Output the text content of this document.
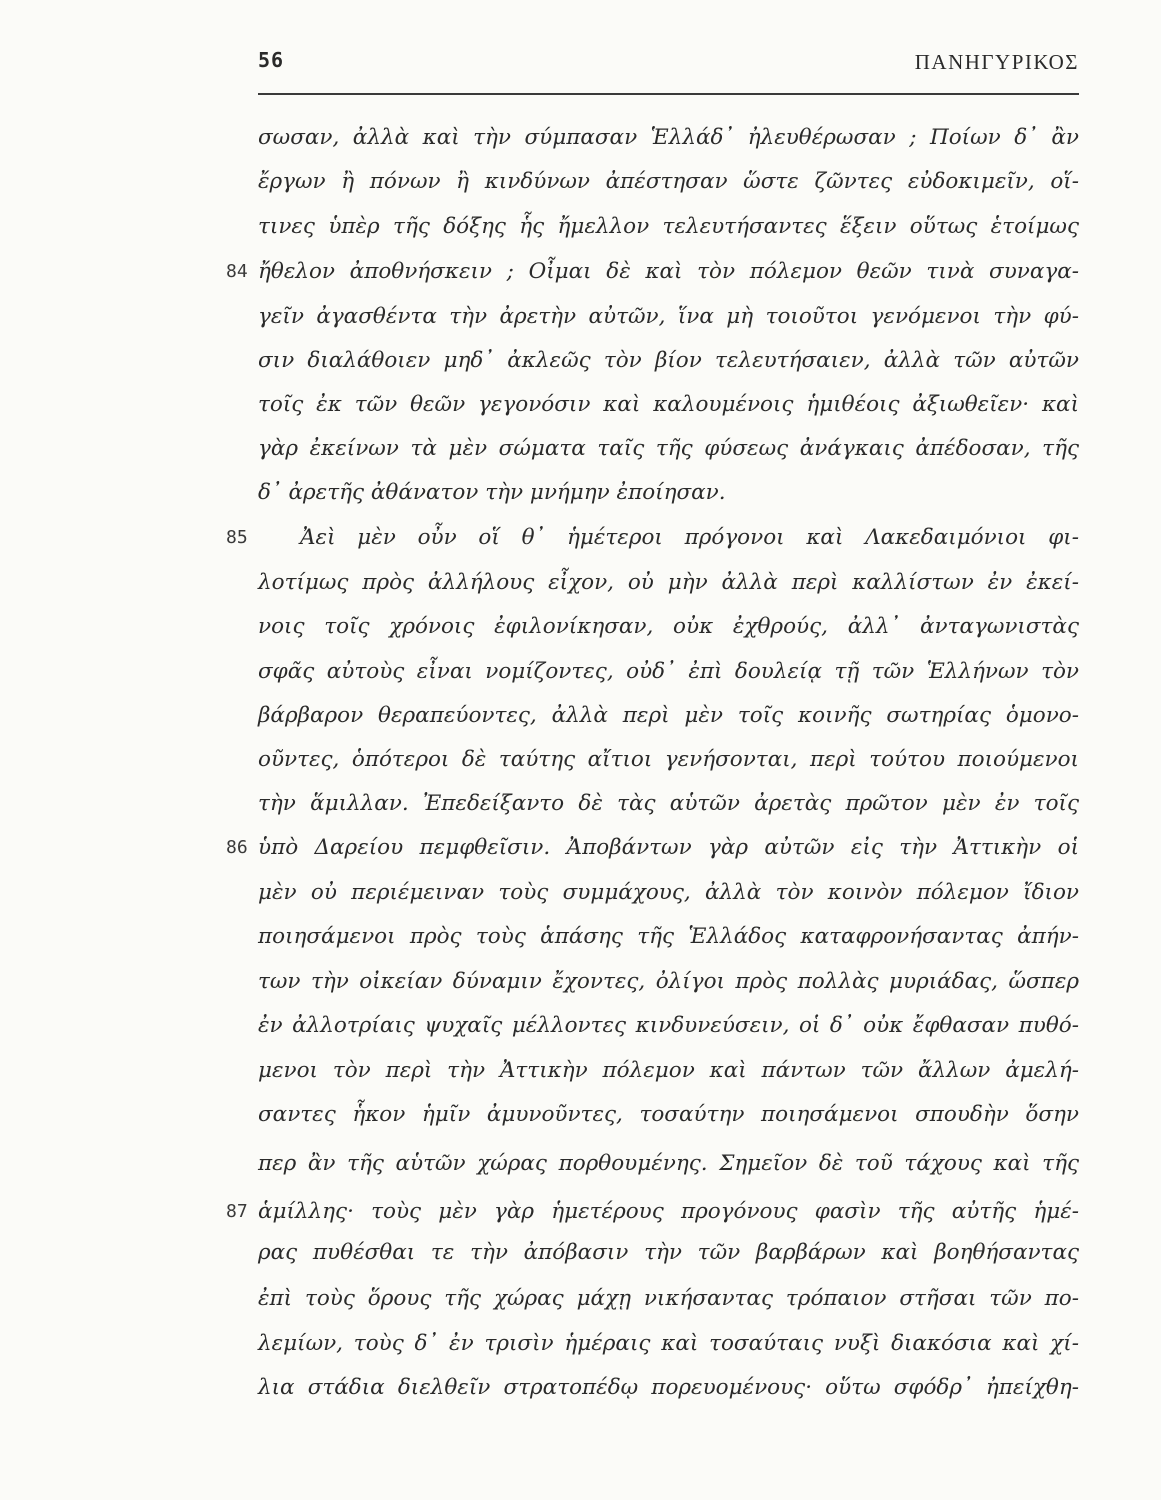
56	ΠΑΝΗΓΥΡΙΚΟΣ
84
85
86
87
σωσαν, ἀλλὰ καὶ τὴν σύμπασαν Ἑλλάδ᾽ ἠλευθέρωσαν ; Ποίων δ᾽ ἂν
ἔργων ἢ πόνων ἢ κινδύνων ἀπέστησαν ὥστε ζῶντες εὐδοκιμεῖν, οἵ-
τινες ὑπὲρ τῆς δόξης ἧς ἤμελλον τελευτήσαντες ἕξειν οὕτως ἑτοίμως
ἤθελον ἀποθνήσκειν ; Οἶμαι δὲ καὶ τὸν πόλεμον θεῶν τινὰ συναγα-
γεῖν ἀγασθέντα τὴν ἀρετὴν αὐτῶν, ἵνα μὴ τοιοῦτοι γενόμενοι τὴν φύ-
σιν διαλάθοιεν μηδ᾽ ἀκλεῶς τὸν βίον τελευτήσαιεν, ἀλλὰ τῶν αὐτῶν
τοῖς ἐκ τῶν θεῶν γεγονόσιν καὶ καλουμένοις ἡμιθέοις ἀξιωθεῖεν· καὶ
γὰρ ἐκείνων τὰ μὲν σώματα ταῖς τῆς φύσεως ἀνάγκαις ἀπέδοσαν, τῆς
δ᾽ ἀρετῆς ἀθάνατον τὴν μνήμην ἐποίησαν.
Ἀεὶ μὲν οὖν οἵ θ᾽ ἡμέτεροι πρόγονοι καὶ Λακεδαιμόνιοι φι-
λοτίμως πρὸς ἀλλήλους εἶχον, οὐ μὴν ἀλλὰ περὶ καλλίστων ἐν ἐκεί-
νοις τοῖς χρόνοις ἐφιλονίκησαν, οὐκ ἐχθρούς, ἀλλ᾽ ἀνταγωνιστὰς
σφᾶς αὐτοὺς εἶναι νομίζοντες, οὐδ᾽ ἐπὶ δουλείᾳ τῇ τῶν Ἑλλήνων τὸν
βάρβαρον θεραπεύοντες, ἀλλὰ περὶ μὲν τοῖς κοινῆς σωτηρίας ὁμονο-
οῦντες, ὁπότεροι δὲ ταύτης αἴτιοι γενήσονται, περὶ τούτου ποιούμενοι
τὴν ἅμιλλαν. Ἐπεδείξαντο δὲ τὰς αὑτῶν ἀρετὰς πρῶτον μὲν ἐν τοῖς
ὑπὸ Δαρείου πεμφθεῖσιν. Ἀποβάντων γὰρ αὐτῶν εἰς τὴν Ἀττικὴν οἱ
μὲν οὐ περιέμειναν τοὺς συμμάχους, ἀλλὰ τὸν κοινὸν πόλεμον ἴδιον
ποιησάμενοι πρὸς τοὺς ἁπάσης τῆς Ἑλλάδος καταφρονήσαντας ἀπήν-
των τὴν οἰκείαν δύναμιν ἔχοντες, ὀλίγοι πρὸς πολλὰς μυριάδας, ὥσπερ
ἐν ἀλλοτρίαις ψυχαῖς μέλλοντες κινδυνεύσειν, οἱ δ᾽ οὐκ ἔφθασαν πυθό-
μενοι τὸν περὶ τὴν Ἀττικὴν πόλεμον καὶ πάντων τῶν ἄλλων ἀμελή-
σαντες ἧκον ἡμῖν ἀμυνοῦντες, τοσαύτην ποιησάμενοι σπουδὴν ὅσην
περ ἂν τῆς αὑτῶν χώρας πορθουμένης. Σημεῖον δὲ τοῦ τάχους καὶ τῆς
ἁμίλλης· τοὺς μὲν γὰρ ἡμετέρους προγόνους φασὶν τῆς αὐτῆς ἡμέ-
ρας πυθέσθαι τε τὴν ἀπόβασιν τὴν τῶν βαρβάρων καὶ βοηθήσαντας
ἐπὶ τοὺς ὅρους τῆς χώρας μάχῃ νικήσαντας τρόπαιον στῆσαι τῶν πο-
λεμίων, τοὺς δ᾽ ἐν τρισὶν ἡμέραις καὶ τοσαύταις νυξὶ διακόσια καὶ χί-
λια στάδια διελθεῖν στρατοπέδῳ πορευομένους· οὕτω σφόδρ᾽ ἠπείχθη-
